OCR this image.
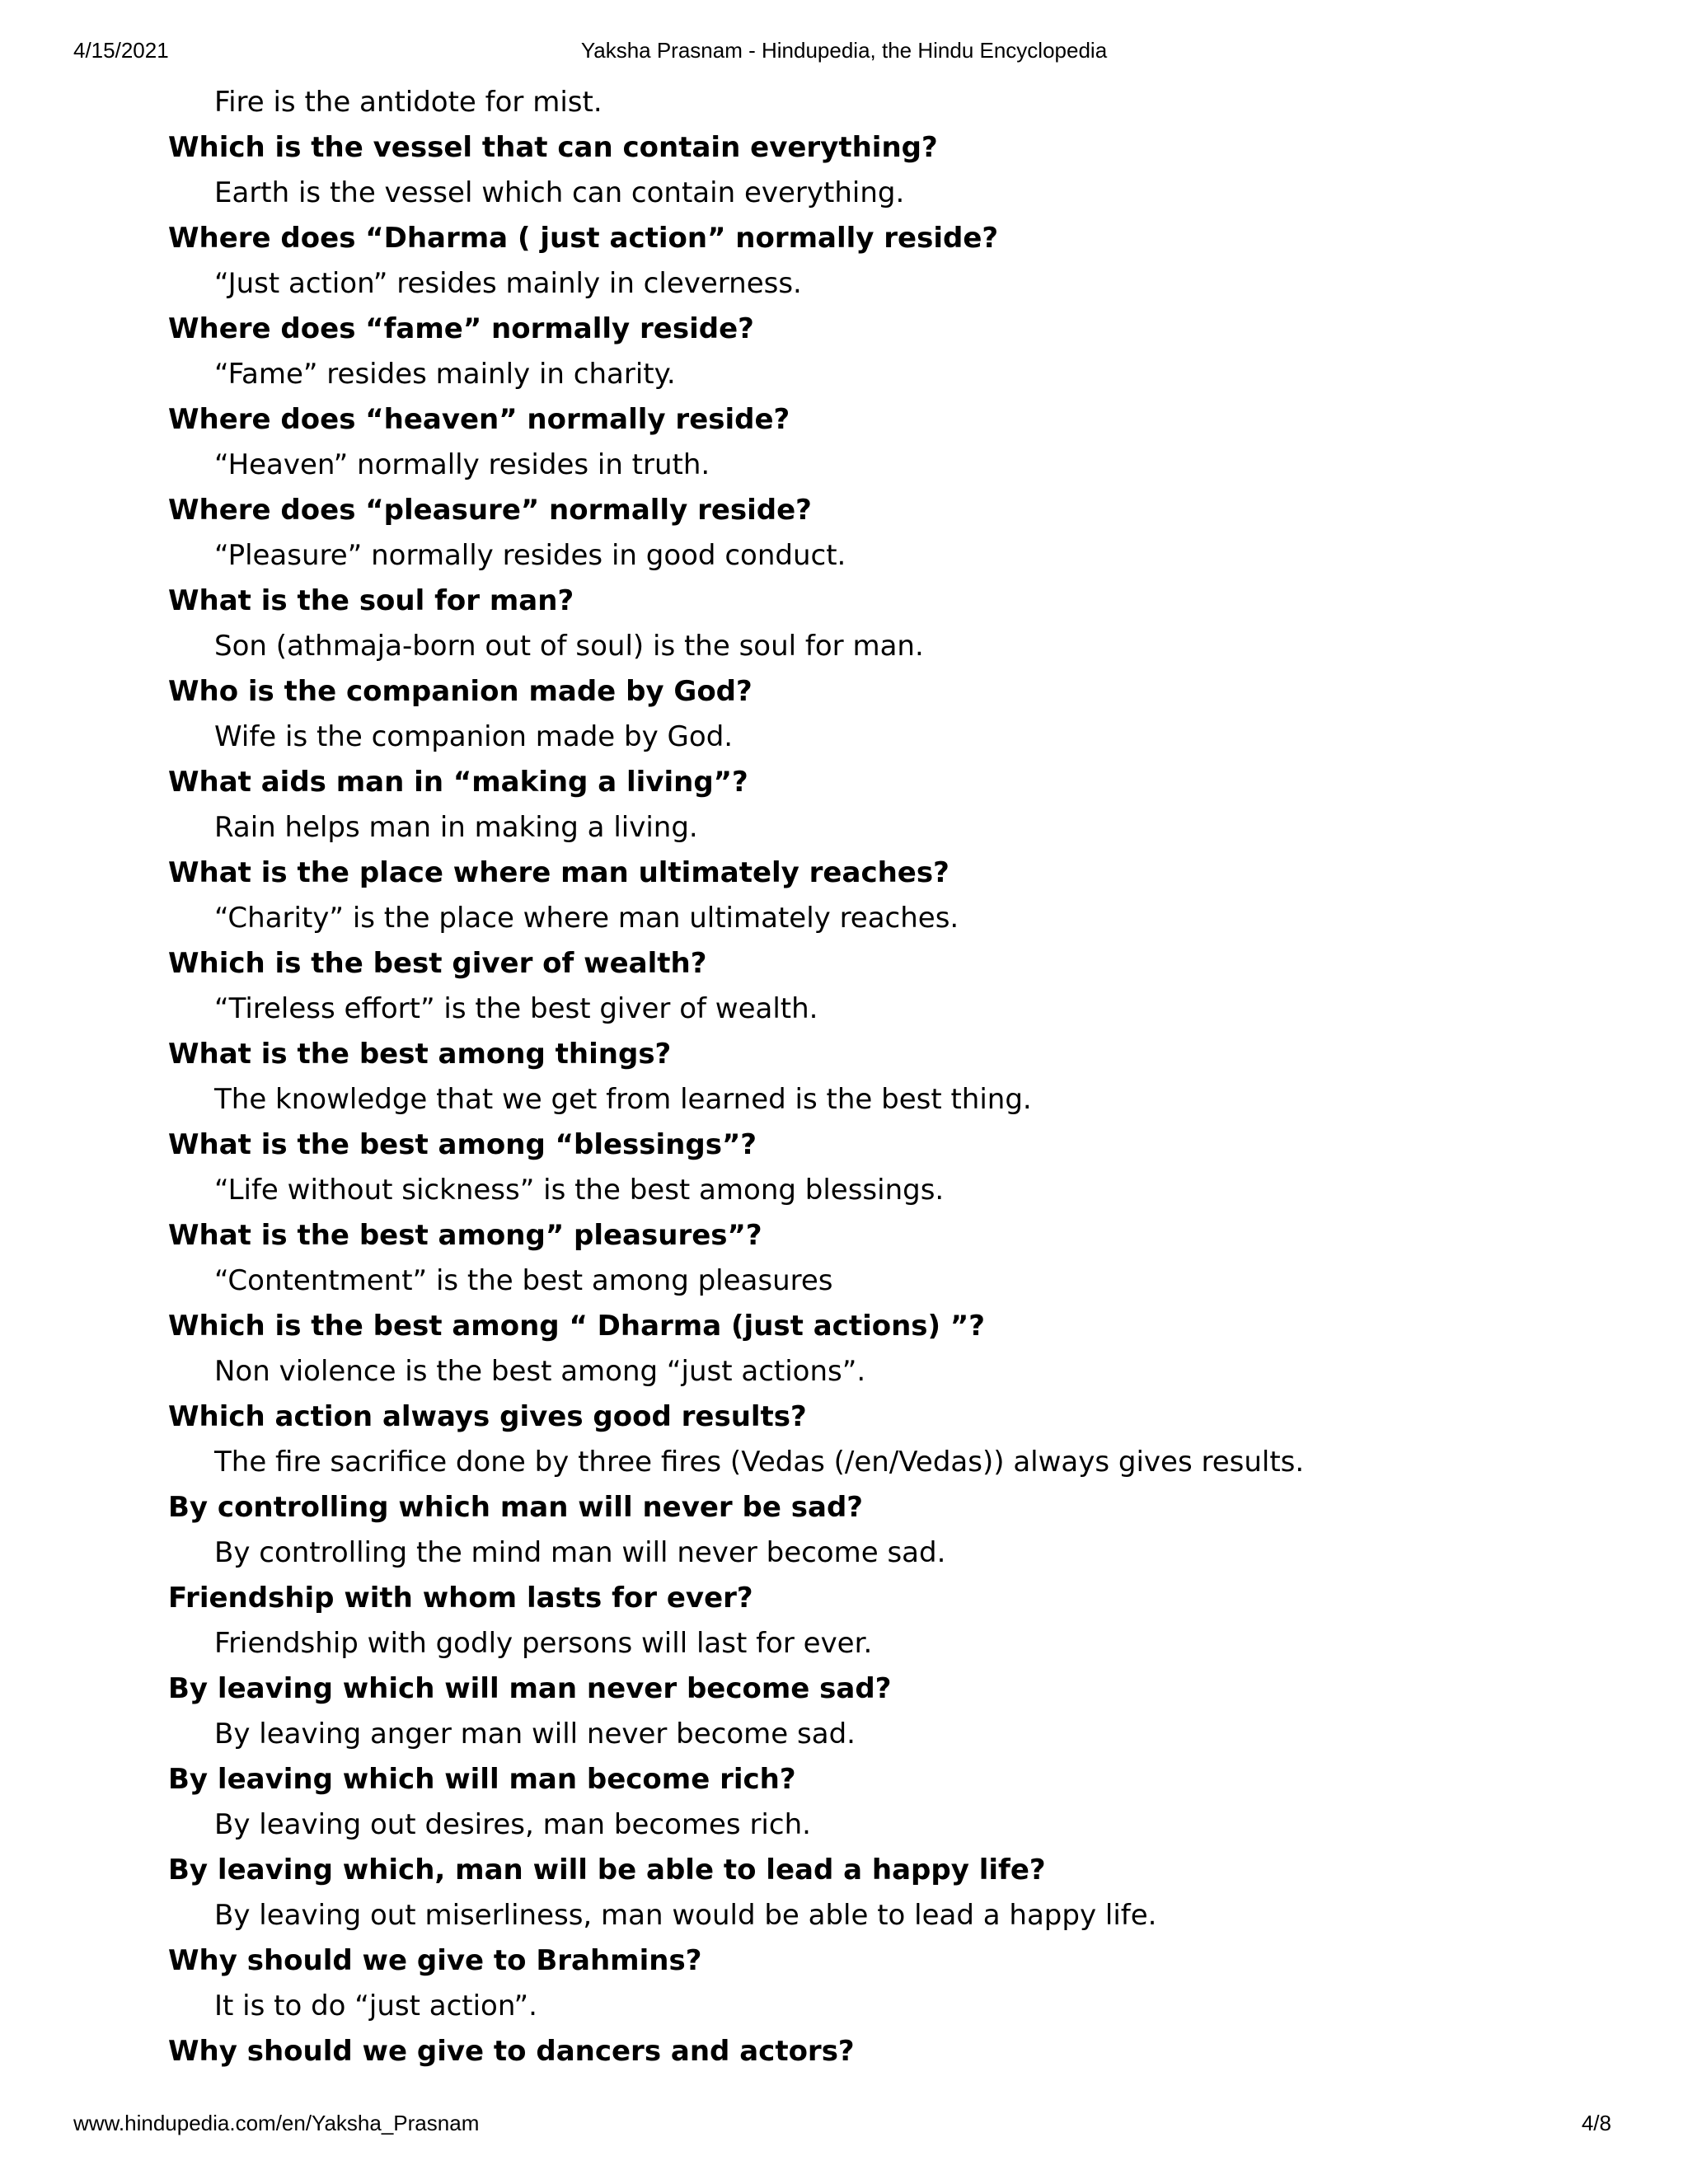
4/15/2021	Yaksha Prasnam - Hindupedia, the Hindu Encyclopedia
Fire is the antidote for mist.
Which is the vessel that can contain everything?
Earth is the vessel which can contain everything.
Where does “Dharma ( just action” normally reside?
“Just action” resides mainly in cleverness.
Where does “fame” normally reside?
“Fame” resides mainly in charity.
Where does “heaven” normally reside?
“Heaven” normally resides in truth.
Where does “pleasure” normally reside?
“Pleasure” normally resides in good conduct.
What is the soul for man?
Son (athmaja-born out of soul) is the soul for man.
Who is the companion made by God?
Wife is the companion made by God.
What aids man in “making a living”?
Rain helps man in making a living.
What is the place where man ultimately reaches?
“Charity” is the place where man ultimately reaches.
Which is the best giver of wealth?
“Tireless effort” is the best giver of wealth.
What is the best among things?
The knowledge that we get from learned is the best thing.
What is the best among “blessings”?
“Life without sickness” is the best among blessings.
What is the best among” pleasures”?
“Contentment” is the best among pleasures
Which is the best among “ Dharma (just actions) ”?
Non violence is the best among “just actions”.
Which action always gives good results?
The fire sacrifice done by three fires (Vedas (/en/Vedas)) always gives results.
By controlling which man will never be sad?
By controlling the mind man will never become sad.
Friendship with whom lasts for ever?
Friendship with godly persons will last for ever.
By leaving which will man never become sad?
By leaving anger man will never become sad.
By leaving which will man become rich?
By leaving out desires, man becomes rich.
By leaving which, man will be able to lead a happy life?
By leaving out miserliness, man would be able to lead a happy life.
Why should we give to Brahmins?
It is to do “just action”.
Why should we give to dancers and actors?
www.hindupedia.com/en/Yaksha_Prasnam	4/8
